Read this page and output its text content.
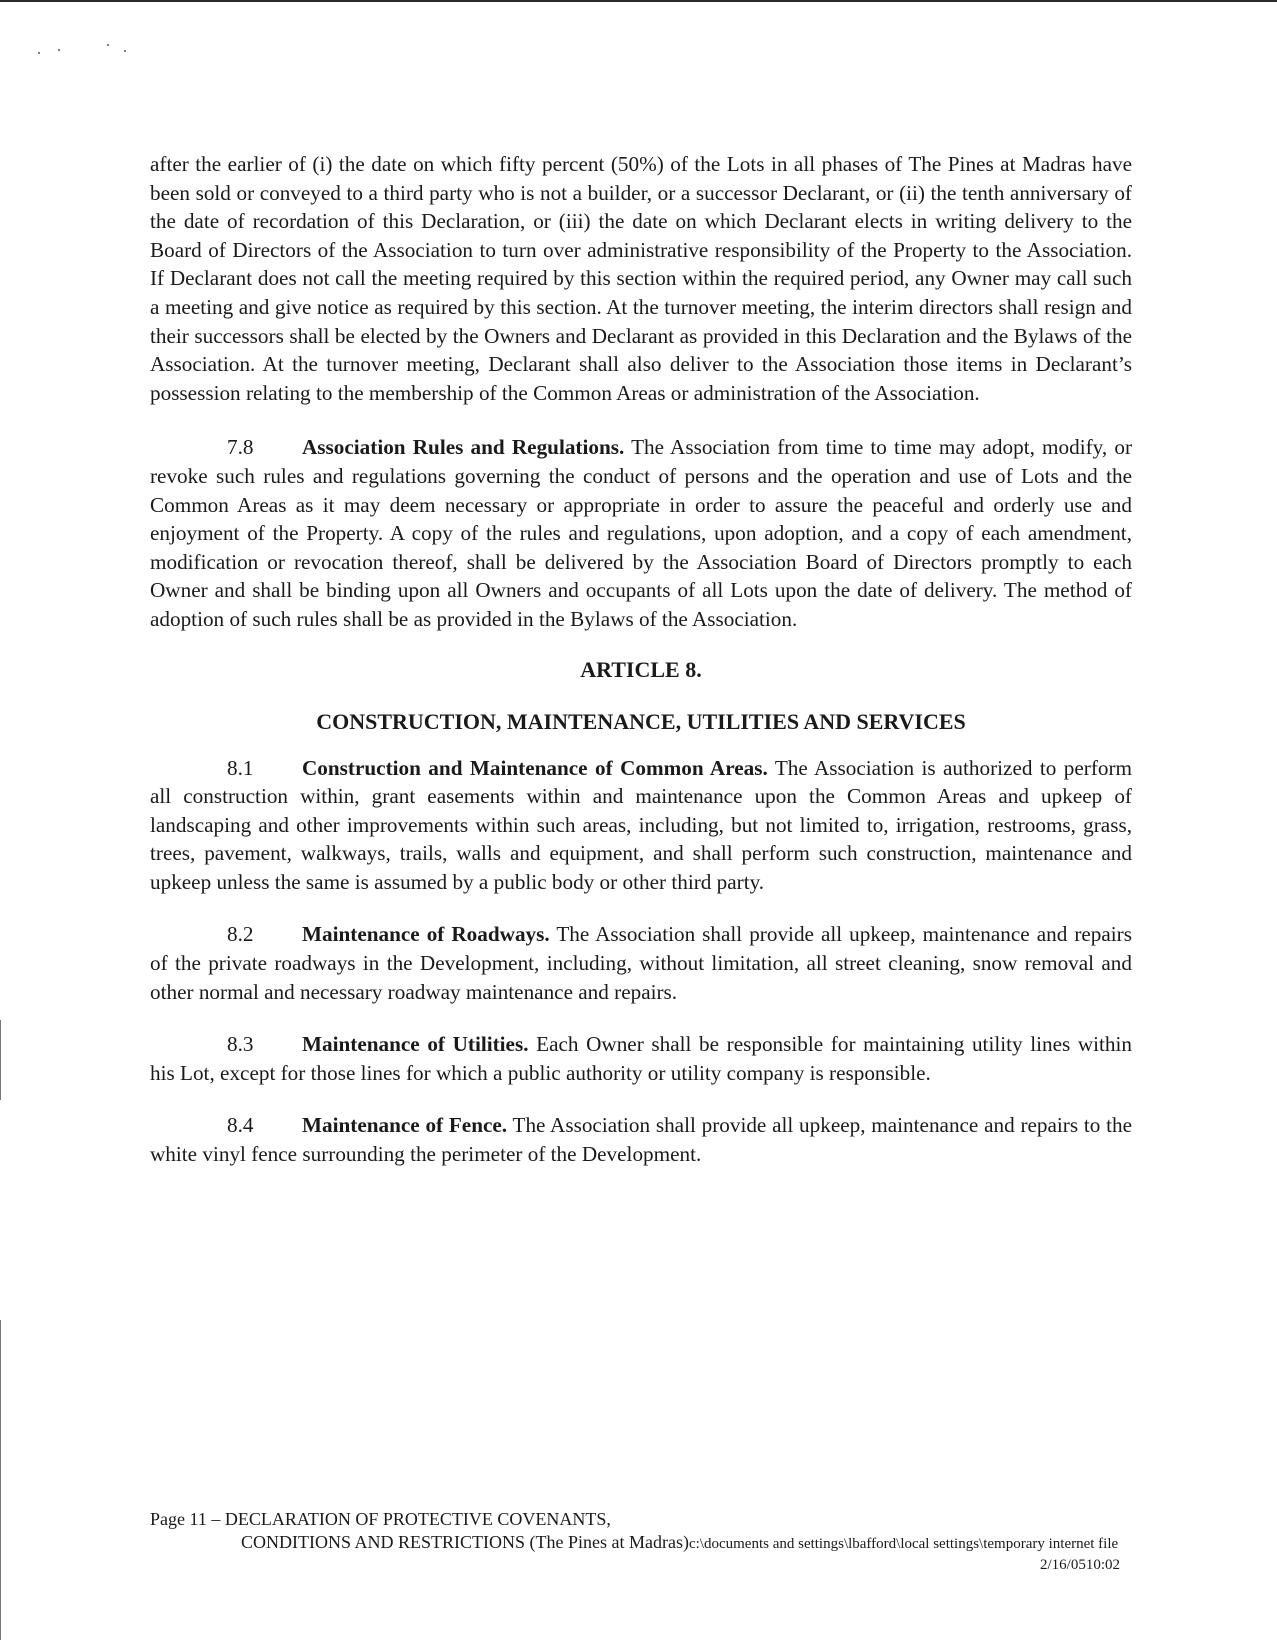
after the earlier of (i) the date on which fifty percent (50%) of the Lots in all phases of The Pines at Madras have been sold or conveyed to a third party who is not a builder, or a successor Declarant, or (ii) the tenth anniversary of the date of recordation of this Declaration, or (iii) the date on which Declarant elects in writing delivery to the Board of Directors of the Association to turn over administrative responsibility of the Property to the Association. If Declarant does not call the meeting required by this section within the required period, any Owner may call such a meeting and give notice as required by this section. At the turnover meeting, the interim directors shall resign and their successors shall be elected by the Owners and Declarant as provided in this Declaration and the Bylaws of the Association. At the turnover meeting, Declarant shall also deliver to the Association those items in Declarant’s possession relating to the membership of the Common Areas or administration of the Association.

7.8 Association Rules and Regulations. The Association from time to time may adopt, modify, or revoke such rules and regulations governing the conduct of persons and the operation and use of Lots and the Common Areas as it may deem necessary or appropriate in order to assure the peaceful and orderly use and enjoyment of the Property. A copy of the rules and regulations, upon adoption, and a copy of each amendment, modification or revocation thereof, shall be delivered by the Association Board of Directors promptly to each Owner and shall be binding upon all Owners and occupants of all Lots upon the date of delivery. The method of adoption of such rules shall be as provided in the Bylaws of the Association.

ARTICLE 8.

CONSTRUCTION, MAINTENANCE, UTILITIES AND SERVICES

8.1 Construction and Maintenance of Common Areas. The Association is authorized to perform all construction within, grant easements within and maintenance upon the Common Areas and upkeep of landscaping and other improvements within such areas, including, but not limited to, irrigation, restrooms, grass, trees, pavement, walkways, trails, walls and equipment, and shall perform such construction, maintenance and upkeep unless the same is assumed by a public body or other third party.

8.2 Maintenance of Roadways. The Association shall provide all upkeep, maintenance and repairs of the private roadways in the Development, including, without limitation, all street cleaning, snow removal and other normal and necessary roadway maintenance and repairs.

8.3 Maintenance of Utilities. Each Owner shall be responsible for maintaining utility lines within his Lot, except for those lines for which a public authority or utility company is responsible.

8.4 Maintenance of Fence. The Association shall provide all upkeep, maintenance and repairs to the white vinyl fence surrounding the perimeter of the Development.

Page 11 – DECLARATION OF PROTECTIVE COVENANTS,
CONDITIONS AND RESTRICTIONS (The Pines at Madras)c:\documents and settings\lbafford\local settings\temporary internet file
2/16/0510:02
